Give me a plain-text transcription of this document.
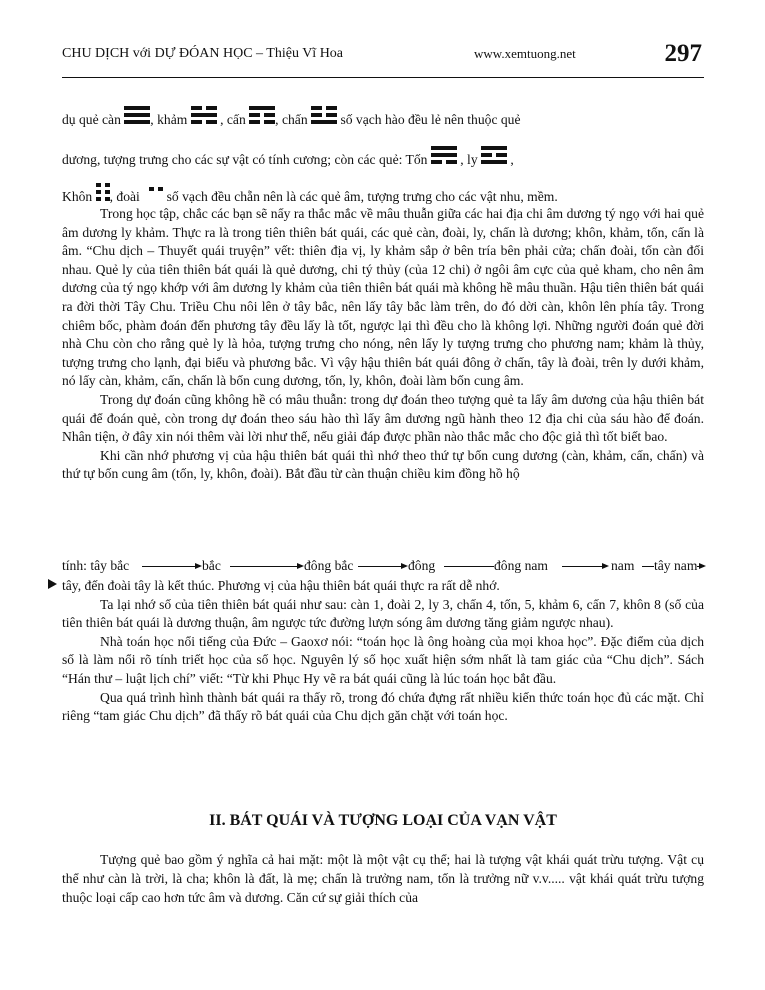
CHU DỊCH với DỰ ĐÓAN HỌC – Thiệu Vĩ Hoa	www.xemtuong.net	297
dụ quẻ càn , khảm
, cấn , chấn
số vạch hào đều lẻ nên thuộc quẻ
dương, tượng trưng cho các sự vật có tính cương; còn các quẻ: Tốn
, ly
,
Khôn , đoài
số vạch đều chẵn nên là các quẻ âm, tượng trưng cho các vật nhu, mềm.

Trong học tập, chắc các bạn sẽ nẩy ra thắc mắc về mâu thuẫn giữa các hai địa chi âm dương tý ngọ với hai quẻ âm dương ly khảm. Thực ra là trong tiên thiên bát quái, các quẻ càn, đoài, ly, chấn là dương; khôn, khảm, tốn, cấn là âm. “Chu dịch – Thuyết quái truyện” vết: thiên địa vị, ly khảm sắp ở bên tría bên phải cửa; chấn đoài, tốn càn đối nhau. Quẻ ly của tiên thiên bát quái là quẻ dương, chi tý thủy (của 12 chi) ở ngôi âm cực của quẻ kham, cho nên âm dương của tý ngọ khớp với âm dương ly khảm của tiên thiên bát quái mà không hề mâu thuần. Hậu tiên thiên bát quái ra đời thời Tây Chu. Triều Chu nôi lên ở tây bắc, nên lấy tây bắc làm trên, do đó dời càn, khôn lên phía tây. Trong chiêm bốc, phàm đoán đến phương tây đều lấy là tốt, ngược lại thì đều cho là không lợi. Những người đoán quẻ đời nhà Chu còn cho rằng quẻ ly là hỏa, tượng trưng cho nóng, nên lấy ly tượng trưng cho phương nam; khảm là thủy, tượng trưng cho lạnh, đại biểu và phương bắc. Vì vậy hậu thiên bát quái đông ở chấn, tây là đoài, trên ly dưới khảm, nó lấy càn, khảm, cấn, chấn là bốn cung dương, tốn, ly, khôn, đoài làm bốn cung âm.

Trong dự đoán cũng không hề có mâu thuẫn: trong dự đoán theo tượng quẻ ta lấy âm dương của hậu thiên bát quái để đoán quẻ, còn trong dự đoán theo sáu hào thì lấy âm dương ngũ hành theo 12 địa chi của sáu hào để đoán. Nhân tiện, ở đây xin nói thêm vài lời như thế, nếu giải đáp được phần nào thắc mắc cho độc giả thì tốt biết bao.

Khi cần nhớ phương vị của hậu thiên bát quái thì nhớ theo thứ tự bốn cung dương (càn, khảm, cấn, chấn) và thứ tự bốn cung âm (tốn, ly, khôn, đoài). Bắt đầu từ càn thuận chiều kim đồng hồ hộ

tính: tây bắc	bắc	đông bắc	đông	đông nam	nam tây nam

tây, đến đoài tây là kết thúc. Phương vị của hậu thiên bát quái thực ra rất dễ nhớ.

Ta lại nhớ số của tiên thiên bát quái như sau: càn 1, đoài 2, ly 3, chấn 4, tốn, 5, khảm 6, cấn 7, khôn 8 (số của tiên thiên bát quái là dương thuận, âm ngược tức đường lượn sóng âm dương tăng giảm ngược nhau).

Nhà toán học nổi tiếng của Đức – Gaoxơ nói: “toán học là ông hoàng của mọi khoa học”. Đặc điểm của dịch số là làm nổi rõ tính triết học của số học. Nguyên lý số học xuất hiện sớm nhất là tam giác của “Chu dịch”. Sách “Hán thư – luật lịch chí” viết: “Từ khi Phục Hy vẽ ra bát quái cũng là lúc toán học bắt đầu.

Qua quá trình hình thành bát quái ra thấy rõ, trong đó chứa đựng rất nhiều kiến thức toán học đủ các mặt. Chỉ riêng “tam giác Chu dịch” đã thấy rõ bát quái của Chu dịch găn chặt với toán học.

II. BÁT QUÁI VÀ TƯỢNG LOẠI CỦA VẠN VẬT

Tượng quẻ bao gồm ý nghĩa cả hai mặt: một là một vật cụ thể; hai là tượng vật khái quát trừu tượng. Vật cụ thể như càn là trời, là cha; khôn là đất, là mẹ; chấn là trưởng nam, tốn là trưởng nữ v.v..... vật khái quát trừu tượng thuộc loại cấp cao hơn tức âm và dương. Căn cứ sự giải thích của
